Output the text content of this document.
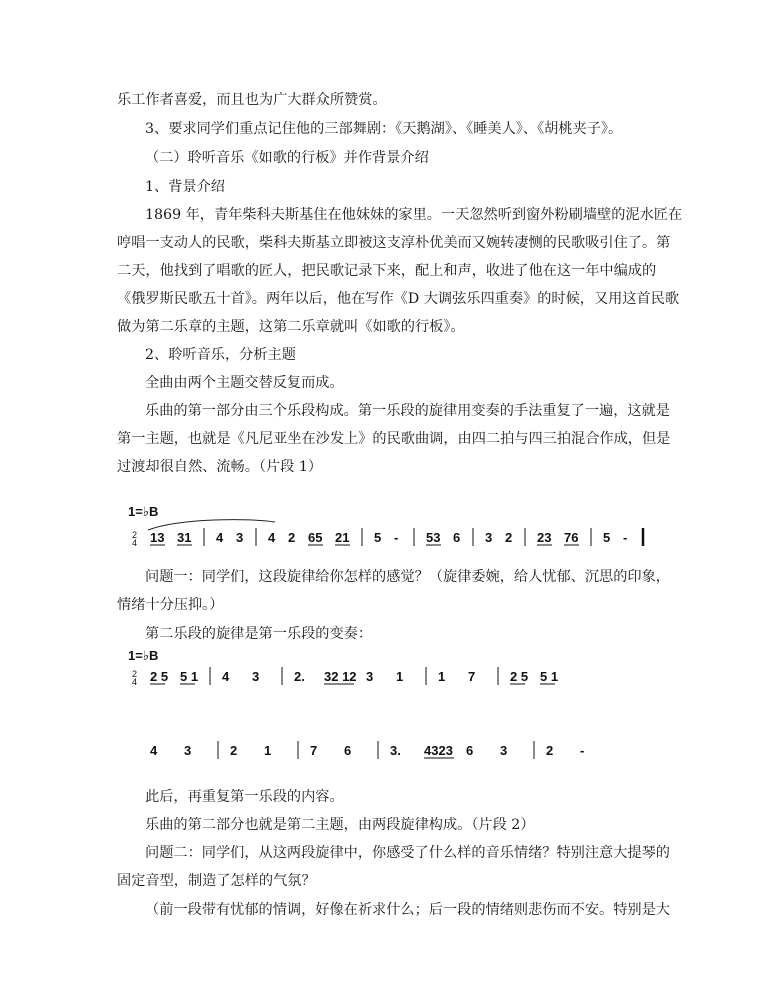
乐工作者喜爱，而且也为广大群众所赞赏。
3、要求同学们重点记住他的三部舞剧：《天鹅湖》、《睡美人》、《胡桃夹子》。
（二）聆听音乐《如歌的行板》并作背景介绍
1、背景介绍
1869 年，青年柴科夫斯基住在他妹妹的家里。一天忽然听到窗外粉刷墙壁的泥水匠在
哼唱一支动人的民歌，柴科夫斯基立即被这支淳朴优美而又婉转凄恻的民歌吸引住了。第
二天，他找到了唱歌的匠人，把民歌记录下来，配上和声，收进了他在这一年中编成的
《俄罗斯民歌五十首》。两年以后，他在写作《D 大调弦乐四重奏》的时候，又用这首民歌
做为第二乐章的主题，这第二乐章就叫《如歌的行板》。
2、聆听音乐，分析主题
全曲由两个主题交替反复而成。
乐曲的第一部分由三个乐段构成。第一乐段的旋律用变奏的手法重复了一遍，这就是
第一主题，也就是《凡尼亚坐在沙发上》的民歌曲调，由四二拍与四三拍混合作成，但是
过渡却很自然、流畅。（片段 1）
1=♭B
2
4 13 31 4 3 4 2 65 21 5 - 53 6 3 2 23 76 5 -
问题一：同学们，这段旋律给你怎样的感觉？（旋律委婉，给人忧郁、沉思的印象，
情绪十分压抑。）
第二乐段的旋律是第一乐段的变奏：
1=♭B
2
4 2 5 5 1 4 3	2. 32 12 3 1	1 7	2 5 5 1
4 3	2 1	7 6	3. 4323 6 3	2 -
此后，再重复第一乐段的内容。
乐曲的第二部分也就是第二主题，由两段旋律构成。（片段 2）
问题二：同学们，从这两段旋律中，你感受了什么样的音乐情绪？特别注意大提琴的
固定音型，制造了怎样的气氛？
（前一段带有忧郁的情调，好像在祈求什么；后一段的情绪则悲伤而不安。特别是大
